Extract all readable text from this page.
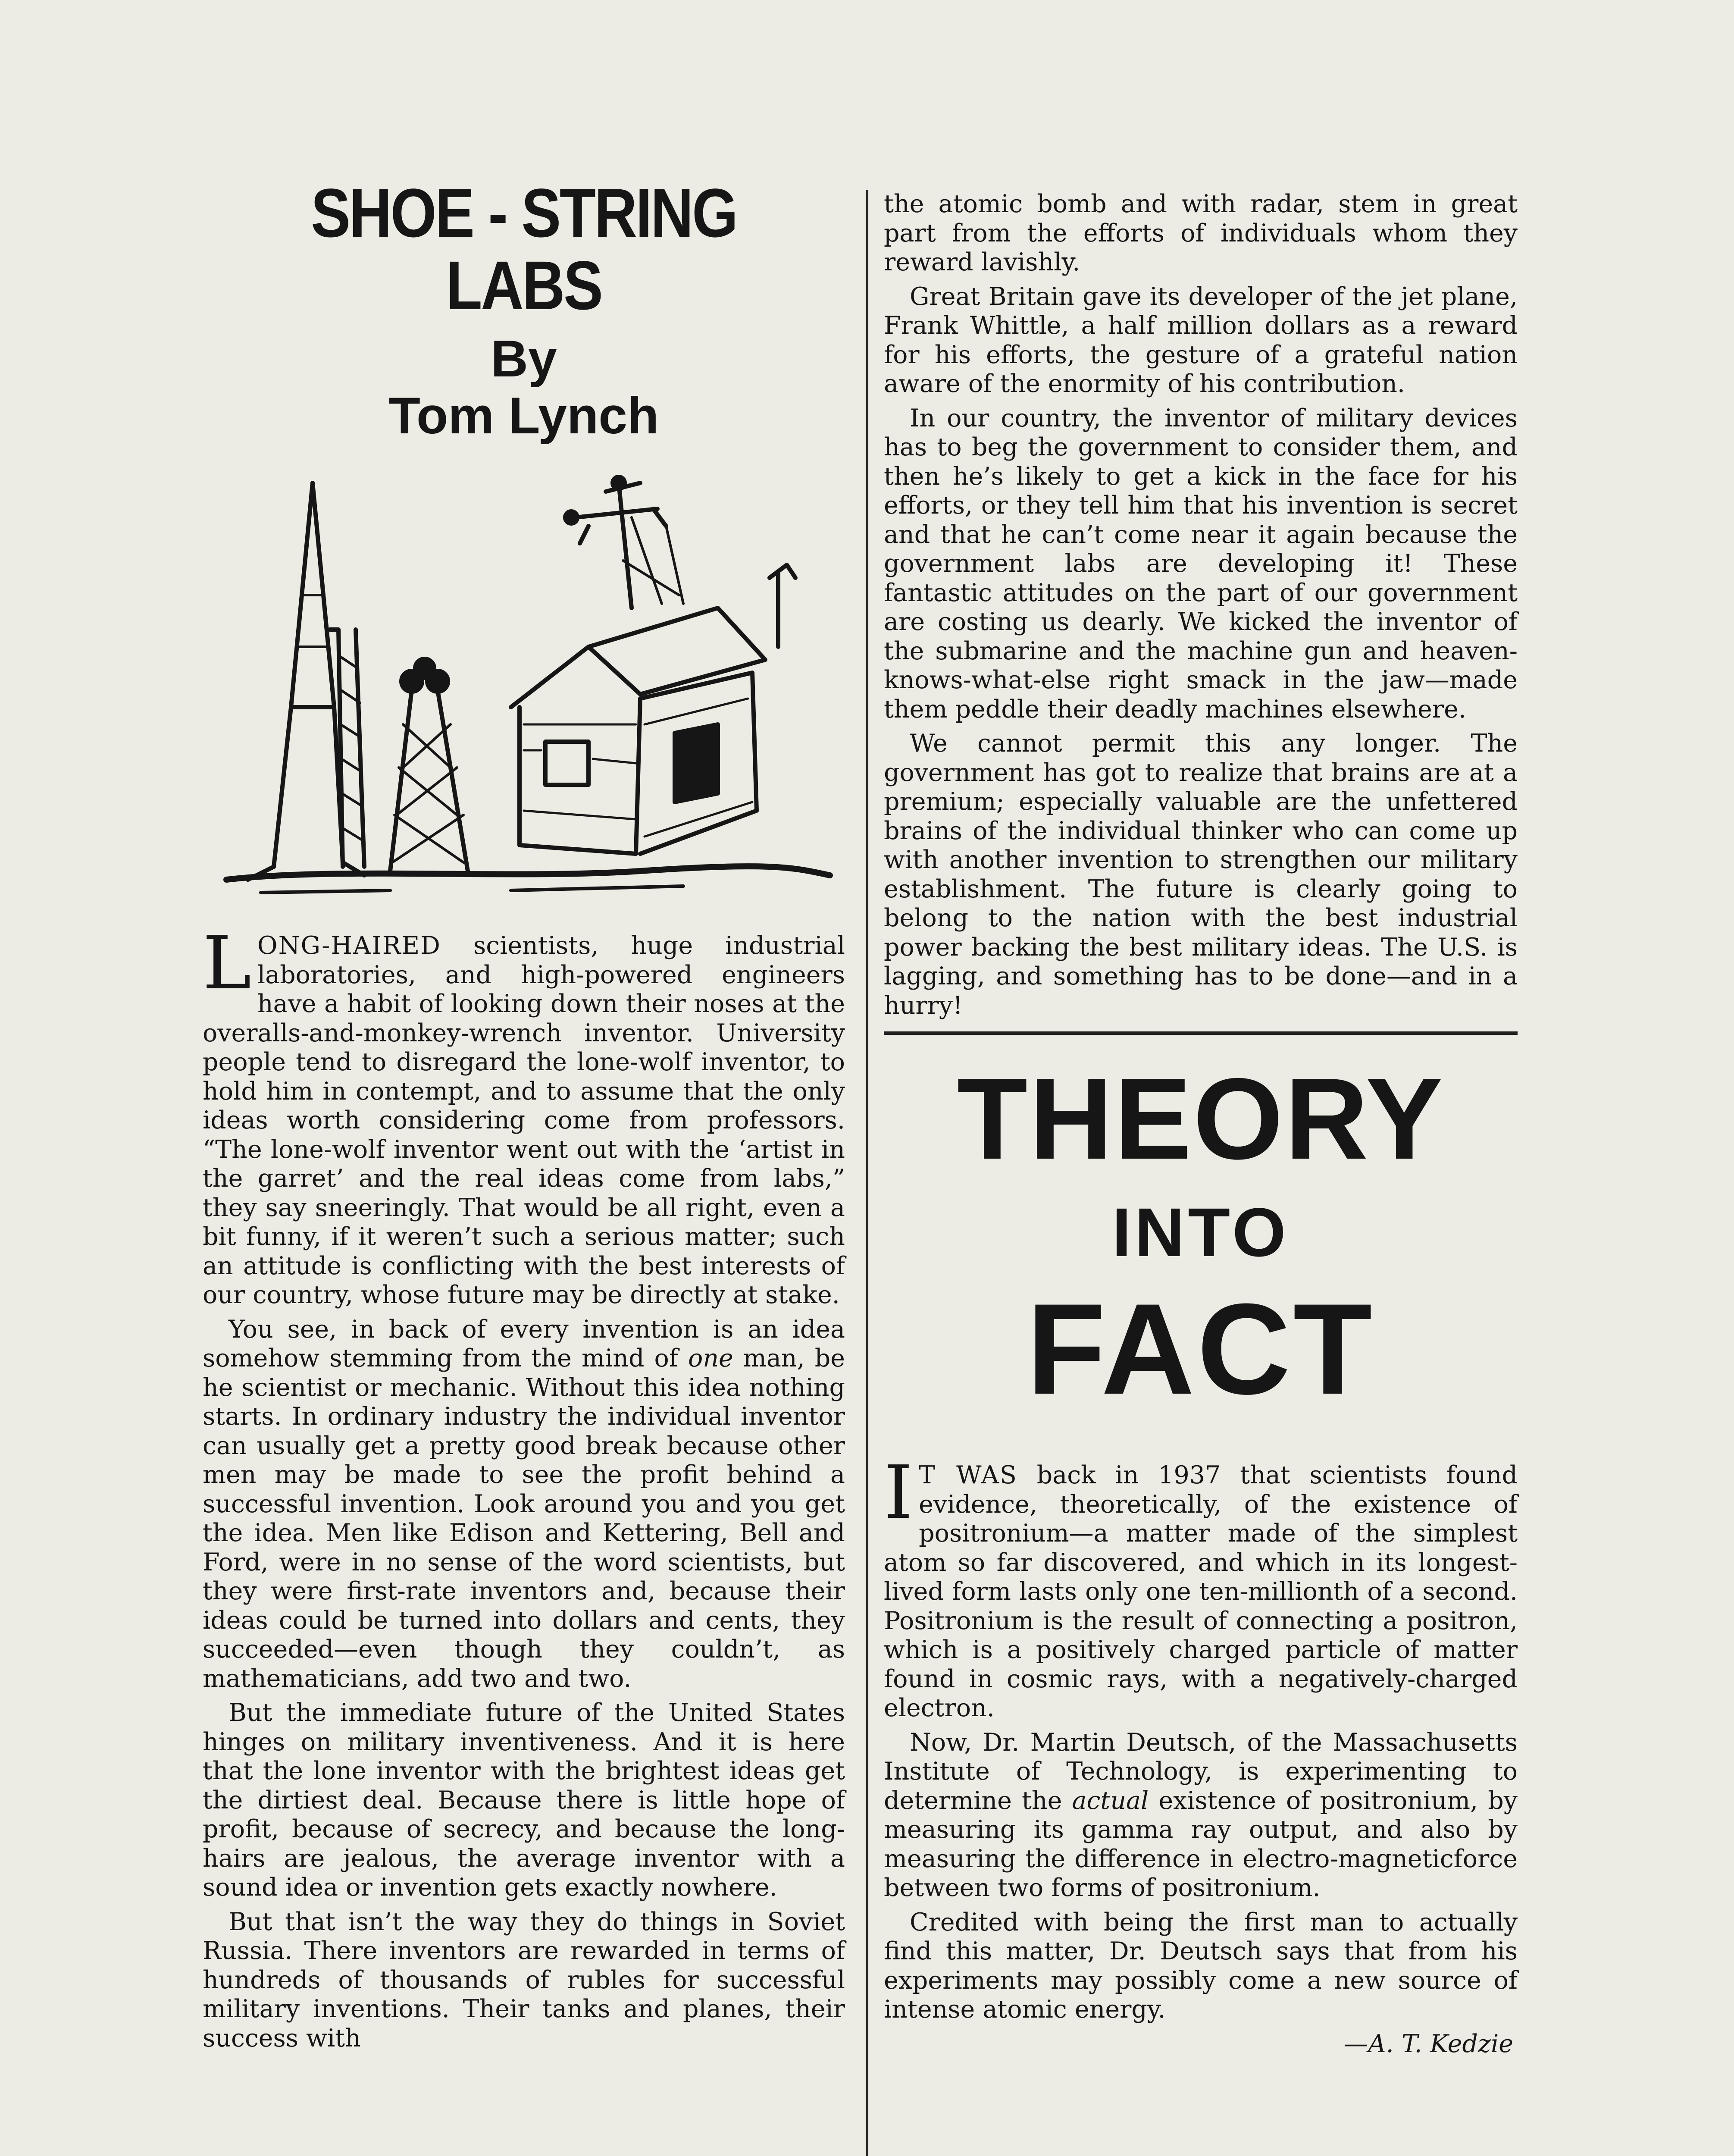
SHOE - STRING LABS
By
Tom Lynch

LONG-HAIRED scientists, huge industrial laboratories, and high-powered engineers have a habit of looking down their noses at the overalls-and-monkey-wrench inventor. University people tend to disregard the lone-wolf inventor, to hold him in contempt, and to assume that the only ideas worth considering come from professors. “The lone-wolf inventor went out with the ‘artist in the garret’ and the real ideas come from labs,” they say sneeringly. That would be all right, even a bit funny, if it weren’t such a serious matter; such an attitude is conflicting with the best interests of our country, whose future may be directly at stake.

You see, in back of every invention is an idea somehow stemming from the mind of one man, be he scientist or mechanic. Without this idea nothing starts. In ordinary industry the individual inventor can usually get a pretty good break because other men may be made to see the profit behind a successful invention. Look around you and you get the idea. Men like Edison and Kettering, Bell and Ford, were in no sense of the word scientists, but they were first-rate inventors and, because their ideas could be turned into dollars and cents, they succeeded—even though they couldn’t, as mathematicians, add two and two.

But the immediate future of the United States hinges on military inventiveness. And it is here that the lone inventor with the brightest ideas get the dirtiest deal. Because there is little hope of profit, because of secrecy, and because the long-hairs are jealous, the average inventor with a sound idea or invention gets exactly nowhere.

But that isn’t the way they do things in Soviet Russia. There inventors are rewarded in terms of hundreds of thousands of rubles for successful military inventions. Their tanks and planes, their success with

the atomic bomb and with radar, stem in great part from the efforts of individuals whom they reward lavishly.

Great Britain gave its developer of the jet plane, Frank Whittle, a half million dollars as a reward for his efforts, the gesture of a grateful nation aware of the enormity of his contribution.

In our country, the inventor of military devices has to beg the government to consider them, and then he’s likely to get a kick in the face for his efforts, or they tell him that his invention is secret and that he can’t come near it again because the government labs are developing it! These fantastic attitudes on the part of our government are costing us dearly. We kicked the inventor of the submarine and the machine gun and heaven-knows-what-else right smack in the jaw—made them peddle their deadly machines elsewhere.

We cannot permit this any longer. The government has got to realize that brains are at a premium; especially valuable are the unfettered brains of the individual thinker who can come up with another invention to strengthen our military establishment. The future is clearly going to belong to the nation with the best industrial power backing the best military ideas. The U.S. is lagging, and something has to be done—and in a hurry!

THEORY
INTO
FACT

I T WAS back in 1937 that scientists found evidence, theoretically, of the existence of positronium—a matter made of the simplest atom so far discovered, and which in its longest-lived form lasts only one ten-millionth of a second. Positronium is the result of connecting a positron, which is a positively charged particle of matter found in cosmic rays, with a negatively-charged electron.

Now, Dr. Martin Deutsch, of the Massachusetts Institute of Technology, is experimenting to determine the actual existence of positronium, by measuring its gamma ray output, and also by measuring the difference in electro-magneticforce between two forms of positronium.

Credited with being the first man to actually find this matter, Dr. Deutsch says that from his experiments may possibly come a new source of intense atomic energy.

—A. T. Kedzie
